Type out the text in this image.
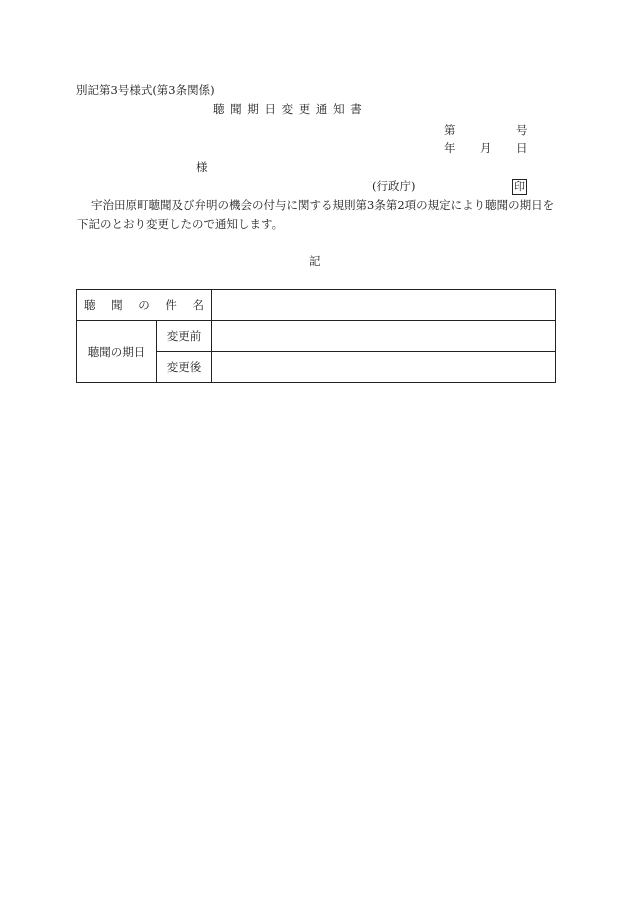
別記第3号様式(第3条関係)
聴 聞 期 日 変 更 通 知 書
第	号
年 月 日
様
(行政庁)	印
宇治田原町聴聞及び弁明の機会の付与に関する規則第3条第2項の規定により聴聞の期日を下記のとおり変更したので通知します。
記
聴 聞 の 件 名		
聴聞の期日	変更前	
	変更後	
